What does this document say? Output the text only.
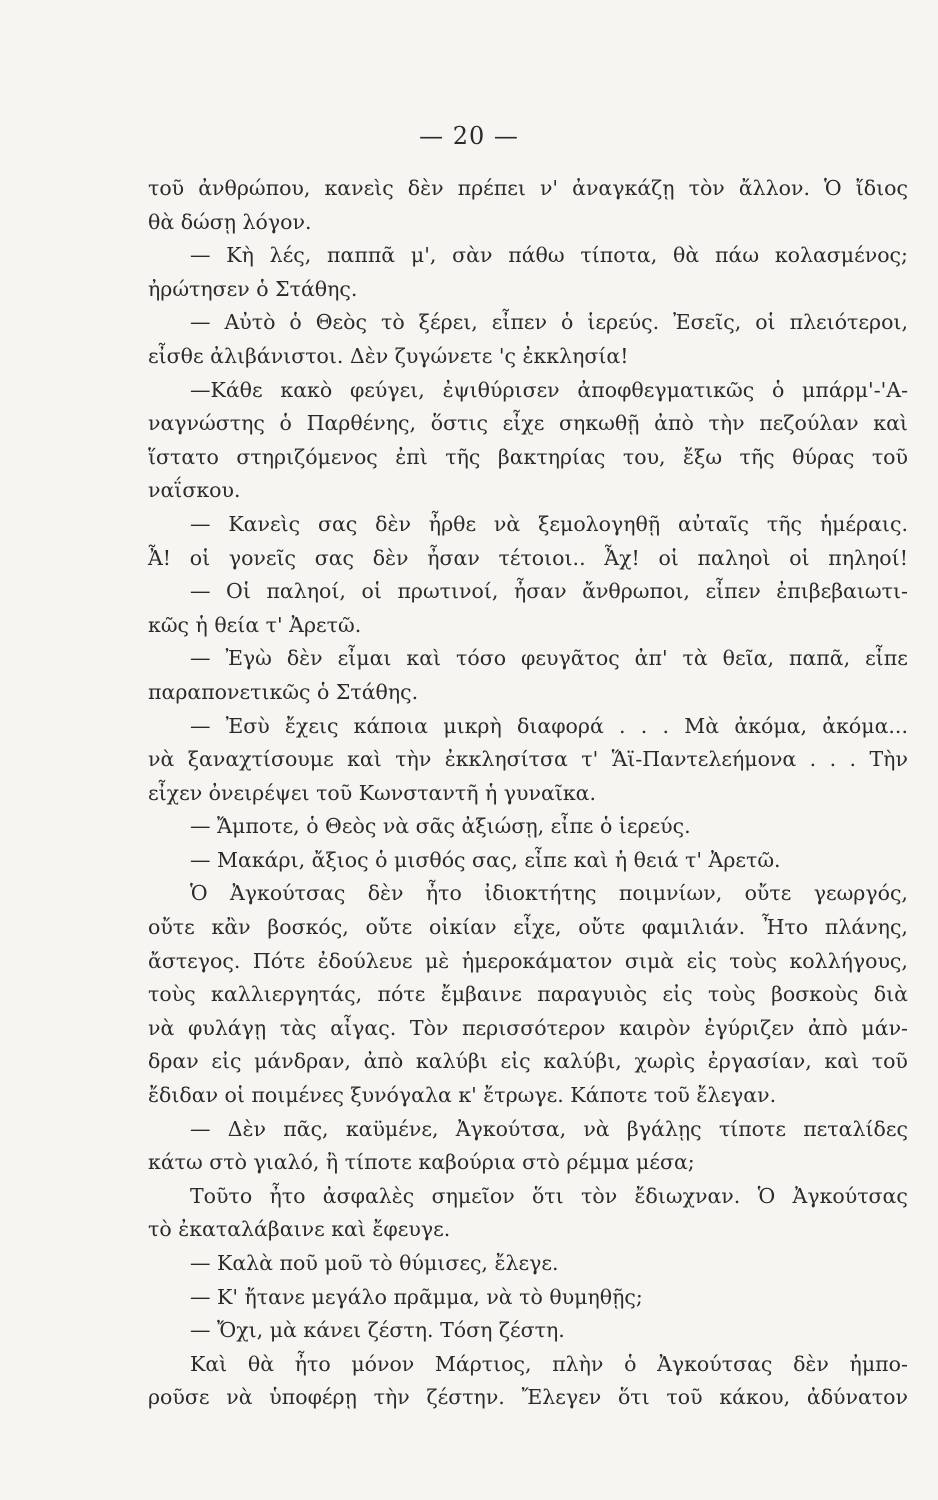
— 20 —
τοῦ ἀνθρώπου, κανεὶς δὲν πρέπει ν' ἀναγκάζῃ τὸν ἄλλον. Ὁ ἴδιος
θὰ δώσῃ λόγον.
— Κὴ λές, παππᾶ μ', σὰν πάθω τίποτα, θὰ πάω κολασμένος;
ἠρώτησεν ὁ Στάθης.
— Αὐτὸ ὁ Θεὸς τὸ ξέρει, εἶπεν ὁ ἱερεύς. Ἐσεῖς, οἱ πλειότεροι,
εἶσθε ἀλιβάνιστοι. Δὲν ζυγώνετε 'ς ἐκκλησία!
—Κάθε κακὸ φεύγει, ἐψιθύρισεν ἀποφθεγματικῶς ὁ μπάρμ'-'Α-
ναγνώστης ὁ Παρθένης, ὅστις εἶχε σηκωθῇ ἀπὸ τὴν πεζούλαν καὶ
ἵστατο στηριζόμενος ἐπὶ τῆς βακτηρίας του, ἔξω τῆς θύρας τοῦ
ναΐσκου.
— Κανεὶς σας δὲν ἦρθε νὰ ξεμολογηθῇ αὐταῖς τῆς ἡμέραις.
Ἆ! οἱ γονεῖς σας δὲν ἦσαν τέτοιοι.. Ἆχ! οἱ παληοὶ οἱ πηληοί!
— Οἱ παληοί, οἱ πρωτινοί, ἦσαν ἄνθρωποι, εἶπεν ἐπιβεβαιωτι-
κῶς ἡ θεία τ' Ἀρετῶ.
— Ἐγὼ δὲν εἶμαι καὶ τόσο φευγᾶτος ἀπ' τὰ θεῖα, παπᾶ, εἶπε
παραπονετικῶς ὁ Στάθης.
— Ἐσὺ ἔχεις κάποια μικρὴ διαφορά . . . Μὰ ἀκόμα, ἀκόμα...
νὰ ξαναχτίσουμε καὶ τὴν ἐκκλησίτσα τ' Ἅϊ-Παντελεήμονα . . . Τὴν
εἶχεν ὀνειρέψει τοῦ Κωνσταντῆ ἡ γυναῖκα.
— Ἄμποτε, ὁ Θεὸς νὰ σᾶς ἀξιώσῃ, εἶπε ὁ ἱερεύς.
— Μακάρι, ἄξιος ὁ μισθός σας, εἶπε καὶ ἡ θειά τ' Ἀρετῶ.
Ὁ Ἀγκούτσας δὲν ἦτο ἰδιοκτήτης ποιμνίων, οὔτε γεωργός,
οὔτε κἂν βοσκός, οὔτε οἰκίαν εἶχε, οὔτε φαμιλιάν. Ἦτο πλάνης,
ἄστεγος. Πότε ἐδούλευε μὲ ἡμεροκάματον σιμὰ εἰς τοὺς κολλήγους,
τοὺς καλλιεργητάς, πότε ἔμβαινε παραγυιὸς εἰς τοὺς βοσκοὺς διὰ
νὰ φυλάγῃ τὰς αἶγας. Τὸν περισσότερον καιρὸν ἐγύριζεν ἀπὸ μάν-
δραν εἰς μάνδραν, ἀπὸ καλύβι εἰς καλύβι, χωρὶς ἐργασίαν, καὶ τοῦ
ἔδιδαν οἱ ποιμένες ξυνόγαλα κ' ἔτρωγε. Κάποτε τοῦ ἔλεγαν.
— Δὲν πᾶς, καϋμένε, Ἀγκούτσα, νὰ βγάλῃς τίποτε πεταλίδες
κάτω στὸ γιαλό, ἢ τίποτε καβούρια στὸ ρέμμα μέσα;
Τοῦτο ἦτο ἀσφαλὲς σημεῖον ὅτι τὸν ἔδιωχναν. Ὁ Ἀγκούτσας
τὸ ἐκαταλάβαινε καὶ ἔφευγε.
— Καλὰ ποῦ μοῦ τὸ θύμισες, ἔλεγε.
— Κ' ἤτανε μεγάλο πρᾶμμα, νὰ τὸ θυμηθῇς;
— Ὄχι, μὰ κάνει ζέστη. Τόση ζέστη.
Καὶ θὰ ἦτο μόνον Μάρτιος, πλὴν ὁ Ἀγκούτσας δὲν ἠμπο-
ροῦσε νὰ ὑποφέρῃ τὴν ζέστην. Ἔλεγεν ὅτι τοῦ κάκου, ἀδύνατον
